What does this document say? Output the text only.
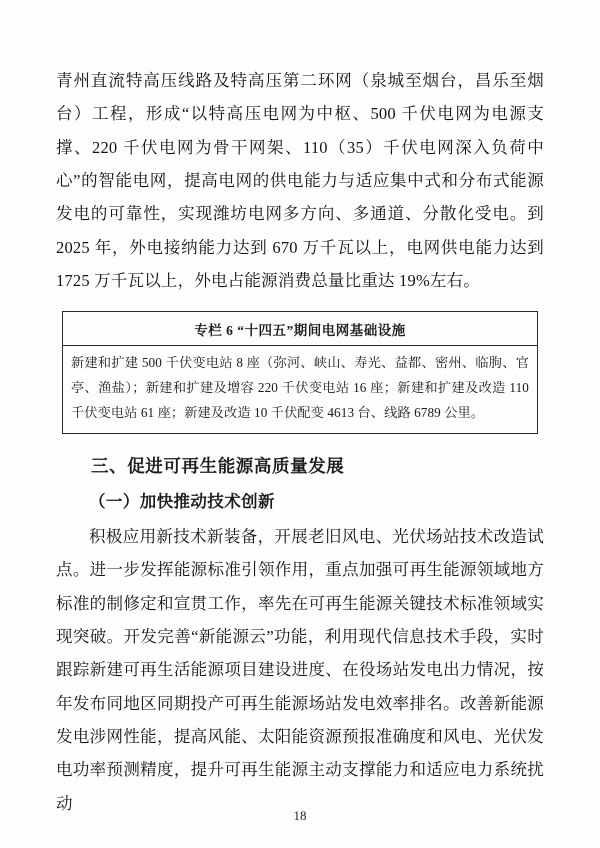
青州直流特高压线路及特高压第二环网（泉城至烟台，昌乐至烟台）工程，形成“以特高压电网为中枢、500 千伏电网为电源支撑、220 千伏电网为骨干网架、110（35）千伏电网深入负荷中心”的智能电网，提高电网的供电能力与适应集中式和分布式能源发电的可靠性，实现潍坊电网多方向、多通道、分散化受电。到 2025 年，外电接纳能力达到 670 万千瓦以上，电网供电能力达到 1725 万千瓦以上，外电占能源消费总量比重达 19%左右。

专栏 6 “十四五”期间电网基础设施
新建和扩建 500 千伏变电站 8 座（弥河、峡山、寿光、益都、密州、临朐、官亭、渔盐）；新建和扩建及增容 220 千伏变电站 16 座；新建和扩建及改造 110 千伏变电站 61 座；新建及改造 10 千伏配变 4613 台、线路 6789 公里。
三、促进可再生能源高质量发展
（一）加快推动技术创新

积极应用新技术新装备，开展老旧风电、光伏场站技术改造试点。进一步发挥能源标准引领作用，重点加强可再生能源领域地方标准的制修定和宣贯工作，率先在可再生能源关键技术标准领域实现突破。开发完善“新能源云”功能，利用现代信息技术手段，实时跟踪新建可再生活能源项目建设进度、在役场站发电出力情况，按年发布同地区同期投产可再生能源场站发电效率排名。改善新能源发电涉网性能，提高风能、太阳能资源预报准确度和风电、光伏发电功率预测精度，提升可再生能源主动支撑能力和适应电力系统扰动

18
